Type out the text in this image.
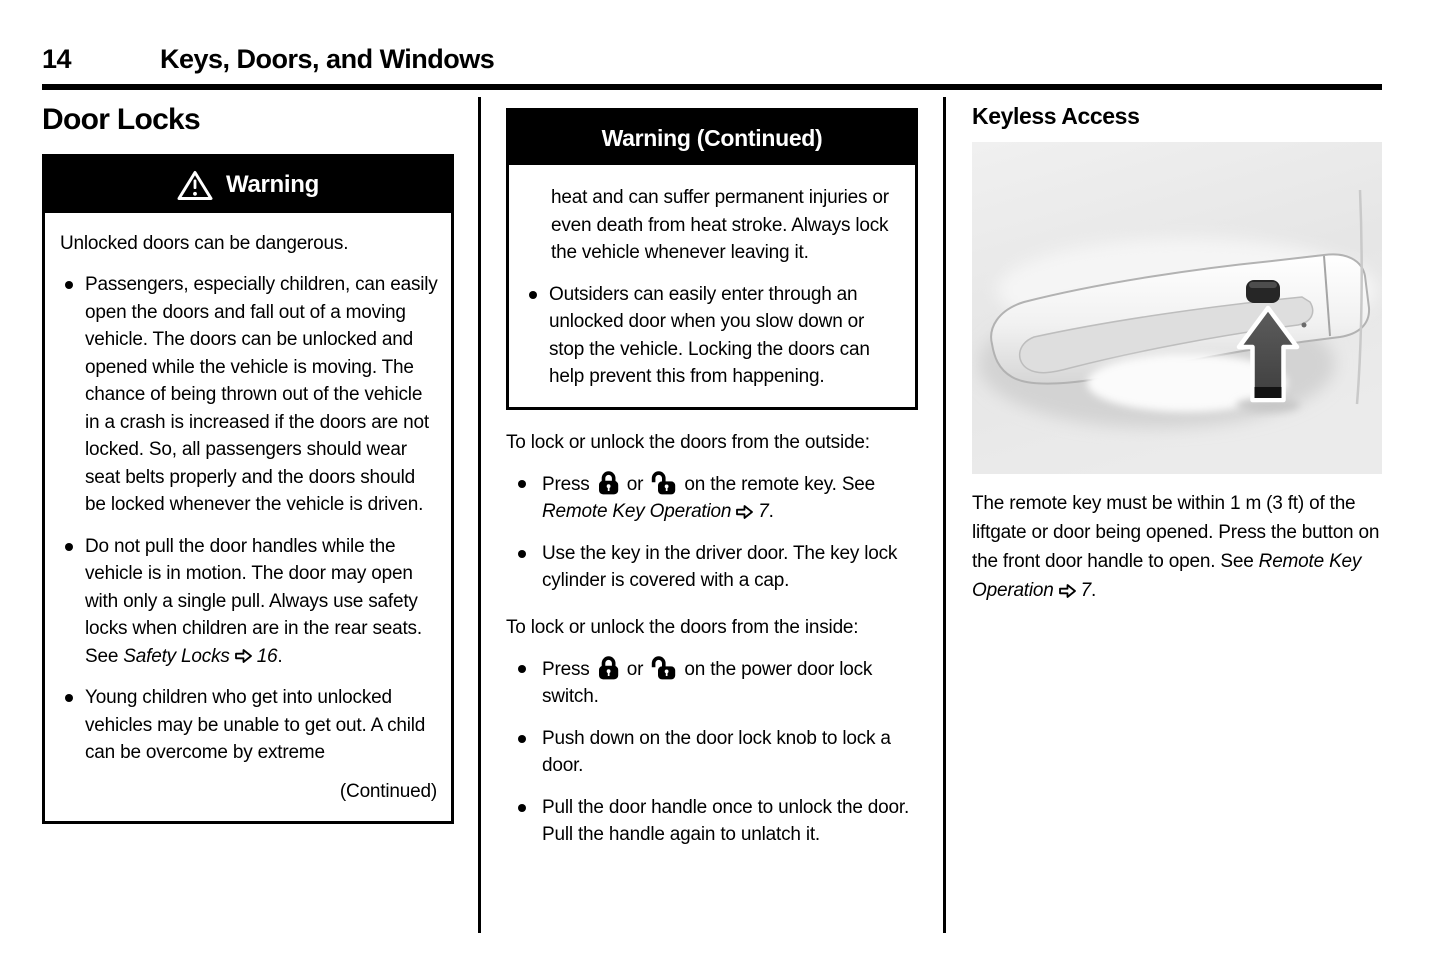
14	Keys, Doors, and Windows
Door Locks
Warning

Unlocked doors can be dangerous.

Passengers, especially children, can easily open the doors and fall out of a moving vehicle. The doors can be unlocked and opened while the vehicle is moving. The chance of being thrown out of the vehicle in a crash is increased if the doors are not locked. So, all passengers should wear seat belts properly and the doors should be locked whenever the vehicle is driven.
Do not pull the door handles while the vehicle is in motion. The door may open with only a single pull. Always use safety locks when children are in the rear seats. See Safety Locks 16.
Young children who get into unlocked vehicles may be unable to get out. A child can be overcome by extreme
(Continued)
Warning (Continued)

heat and can suffer permanent injuries or even death from heat stroke. Always lock the vehicle whenever leaving it.

Outsiders can easily enter through an unlocked door when you slow down or stop the vehicle. Locking the doors can help prevent this from happening.

To lock or unlock the doors from the outside:

Press  or  on the remote key. See Remote Key Operation 7.
Use the key in the driver door. The key lock cylinder is covered with a cap.

To lock or unlock the doors from the inside:

Press  or  on the power door lock switch.
Push down on the door lock knob to lock a door.
Pull the door handle once to unlock the door. Pull the handle again to unlatch it.
Keyless Access

The remote key must be within 1 m (3 ft) of the liftgate or door being opened. Press the button on the front door handle to open. See Remote Key Operation 7.
